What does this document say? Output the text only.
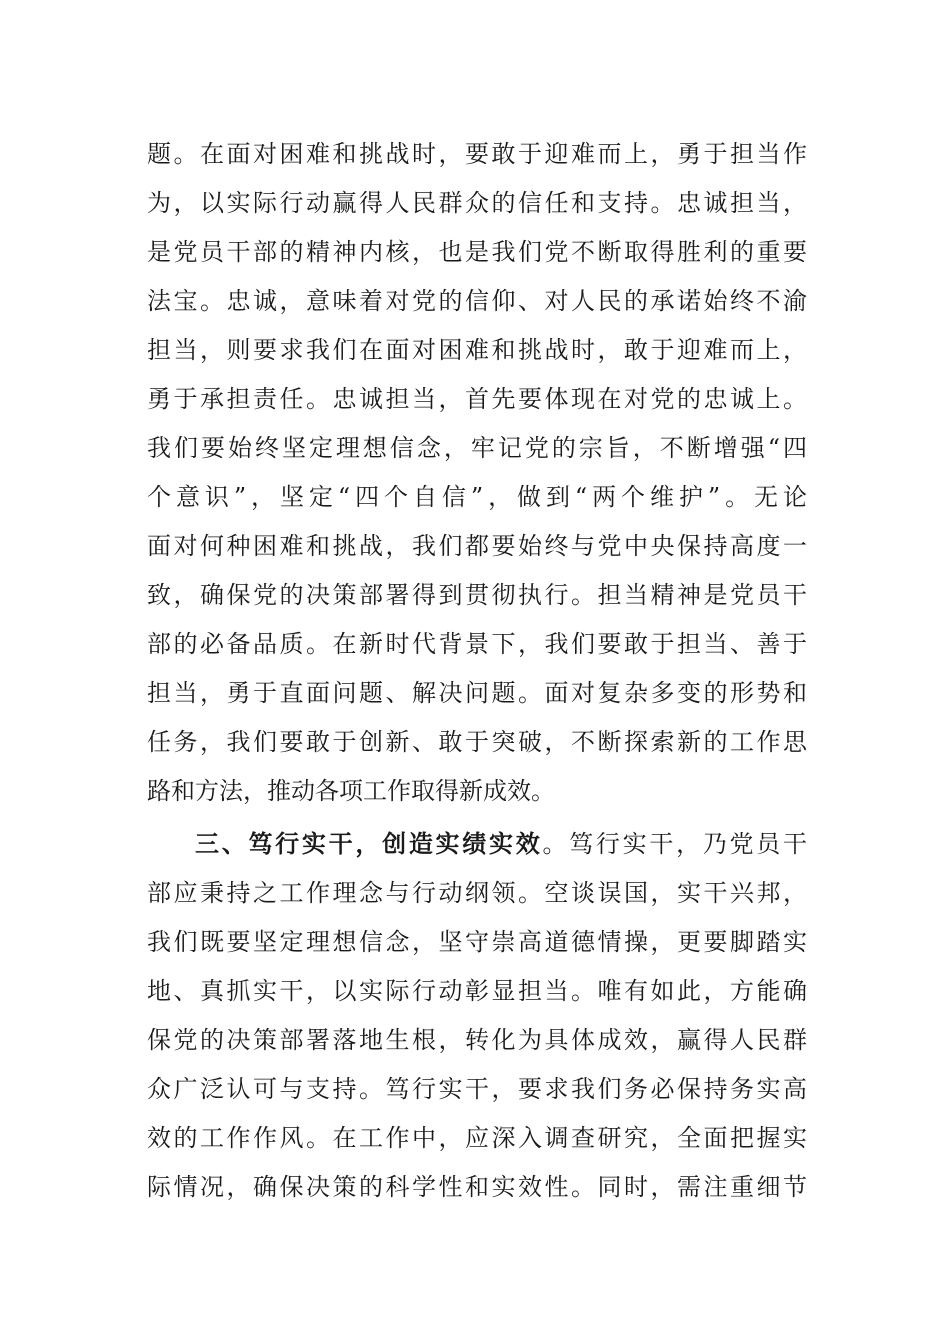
题。在面对困难和挑战时，要敢于迎难而上，勇于担当作
为，以实际行动赢得人民群众的信任和支持。忠诚担当，
是党员干部的精神内核，也是我们党不断取得胜利的重要
法宝。忠诚，意味着对党的信仰、对人民的承诺始终不渝
担当，则要求我们在面对困难和挑战时，敢于迎难而上，
勇于承担责任。忠诚担当，首先要体现在对党的忠诚上。
我们要始终坚定理想信念，牢记党的宗旨，不断增强“四
个意识”，坚定“四个自信”，做到“两个维护”。无论
面对何种困难和挑战，我们都要始终与党中央保持高度一
致，确保党的决策部署得到贯彻执行。担当精神是党员干
部的必备品质。在新时代背景下，我们要敢于担当、善于
担当，勇于直面问题、解决问题。面对复杂多变的形势和
任务，我们要敢于创新、敢于突破，不断探索新的工作思
路和方法，推动各项工作取得新成效。
三、笃行实干，创造实绩实效。笃行实干，乃党员干
部应秉持之工作理念与行动纲领。空谈误国，实干兴邦，
我们既要坚定理想信念，坚守崇高道德情操，更要脚踏实
地、真抓实干，以实际行动彰显担当。唯有如此，方能确
保党的决策部署落地生根，转化为具体成效，赢得人民群
众广泛认可与支持。笃行实干，要求我们务必保持务实高
效的工作作风。在工作中，应深入调查研究，全面把握实
际情况，确保决策的科学性和实效性。同时，需注重细节
